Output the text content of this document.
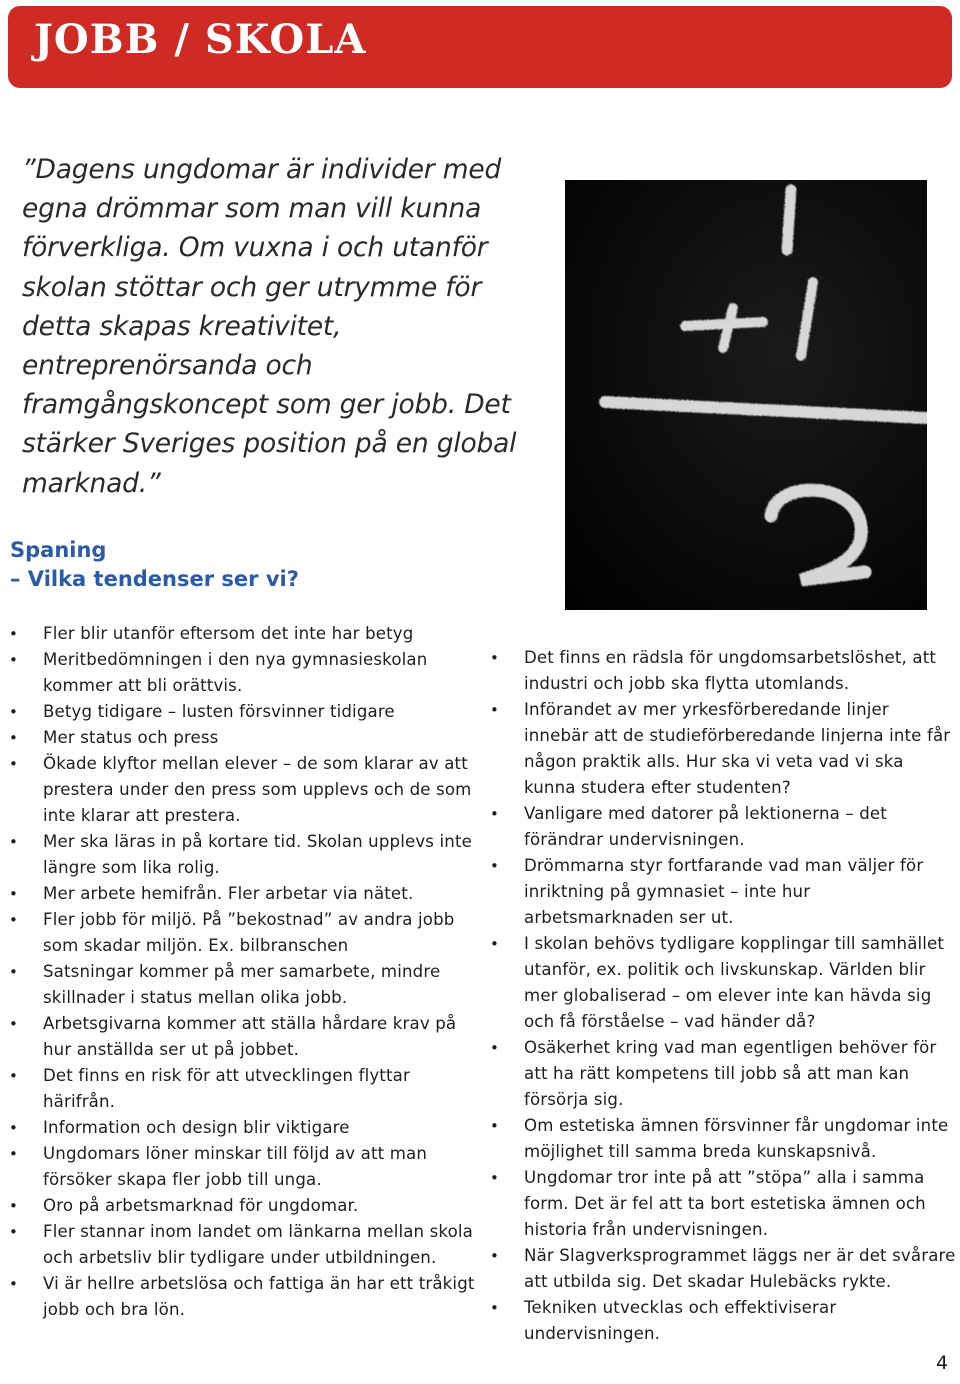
JOBB / SKOLA

”Dagens ungdomar är individer med egna drömmar som man vill kunna förverkliga. Om vuxna i och utanför skolan stöttar och ger utrymme för detta skapas kreativitet, entreprenörsanda och framgångskoncept som ger jobb. Det stärker Sveriges position på en global marknad.”

Spaning
– Vilka tendenser ser vi?
• Fler blir utanför eftersom det inte har betyg
• Meritbedömningen i den nya gymnasieskolan kommer att bli orättvis.
• Betyg tidigare – lusten försvinner tidigare
• Mer status och press
• Ökade klyftor mellan elever – de som klarar av att prestera under den press som upplevs och de som inte klarar att prestera.
• Mer ska läras in på kortare tid. Skolan upplevs inte längre som lika rolig.
• Mer arbete hemifrån. Fler arbetar via nätet.
• Fler jobb för miljö. På ”bekostnad” av andra jobb som skadar miljön. Ex. bilbranschen
• Satsningar kommer på mer samarbete, mindre skillnader i status mellan olika jobb.
• Arbetsgivarna kommer att ställa hårdare krav på hur anställda ser ut på jobbet.
• Det finns en risk för att utvecklingen flyttar härifrån.
• Information och design blir viktigare
• Ungdomars löner minskar till följd av att man försöker skapa fler jobb till unga.
• Oro på arbetsmarknad för ungdomar.
• Fler stannar inom landet om länkarna mellan skola och arbetsliv blir tydligare under utbildningen.
• Vi är hellre arbetslösa och fattiga än har ett tråkigt jobb och bra lön.
• Det finns en rädsla för ungdomsarbetslöshet, att industri och jobb ska flytta utomlands.
• Införandet av mer yrkesförberedande linjer innebär att de studieförberedande linjerna inte får någon praktik alls. Hur ska vi veta vad vi ska kunna studera efter studenten?
• Vanligare med datorer på lektionerna – det förändrar undervisningen.
• Drömmarna styr fortfarande vad man väljer för inriktning på gymnasiet – inte hur arbetsmarknaden ser ut.
• I skolan behövs tydligare kopplingar till samhället utanför, ex. politik och livskunskap. Världen blir mer globaliserad – om elever inte kan hävda sig och få förståelse – vad händer då?
• Osäkerhet kring vad man egentligen behöver för att ha rätt kompetens till jobb så att man kan försörja sig.
• Om estetiska ämnen försvinner får ungdomar inte möjlighet till samma breda kunskapsnivå.
• Ungdomar tror inte på att ”stöpa” alla i samma form. Det är fel att ta bort estetiska ämnen och historia från undervisningen.
• När Slagverksprogrammet läggs ner är det svårare att utbilda sig. Det skadar Hulebäcks rykte.
• Tekniken utvecklas och effektiviserar undervisningen.
4
